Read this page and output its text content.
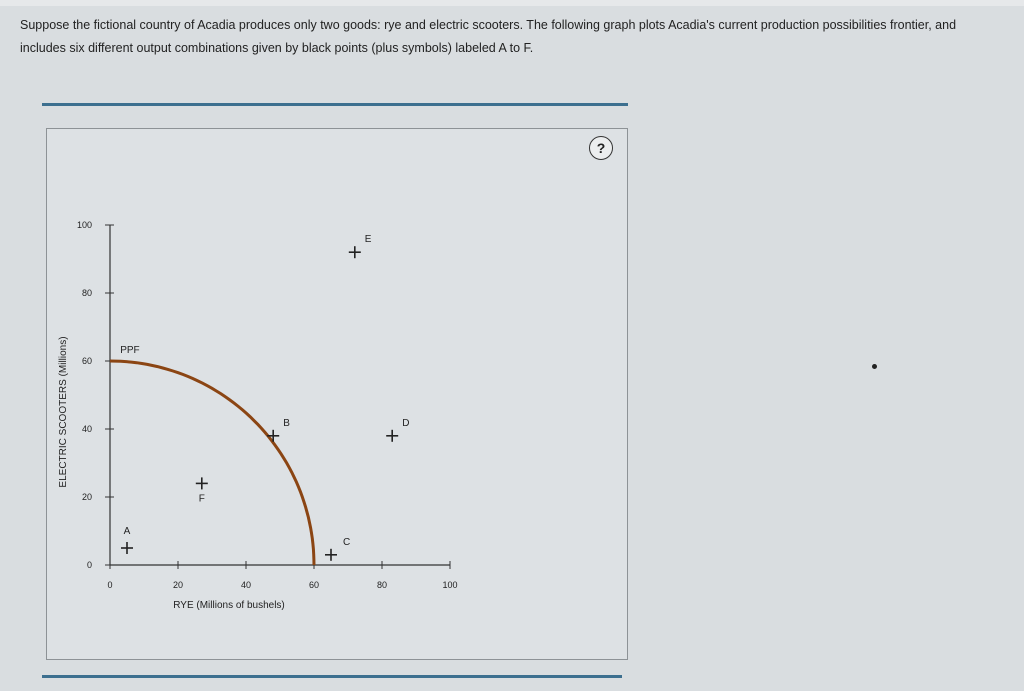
Suppose the fictional country of Acadia produces only two goods: rye and electric scooters. The following graph plots Acadia's current production possibilities frontier, and includes six different output combinations given by black points (plus symbols) labeled A to F.
?
0
20
40
60
80
100
0	20	40	60	80	100
RYE (Millions of bushels)
ELECTRIC SCOOTERS (Millions)	PPF
A
B
C
D
E
F
